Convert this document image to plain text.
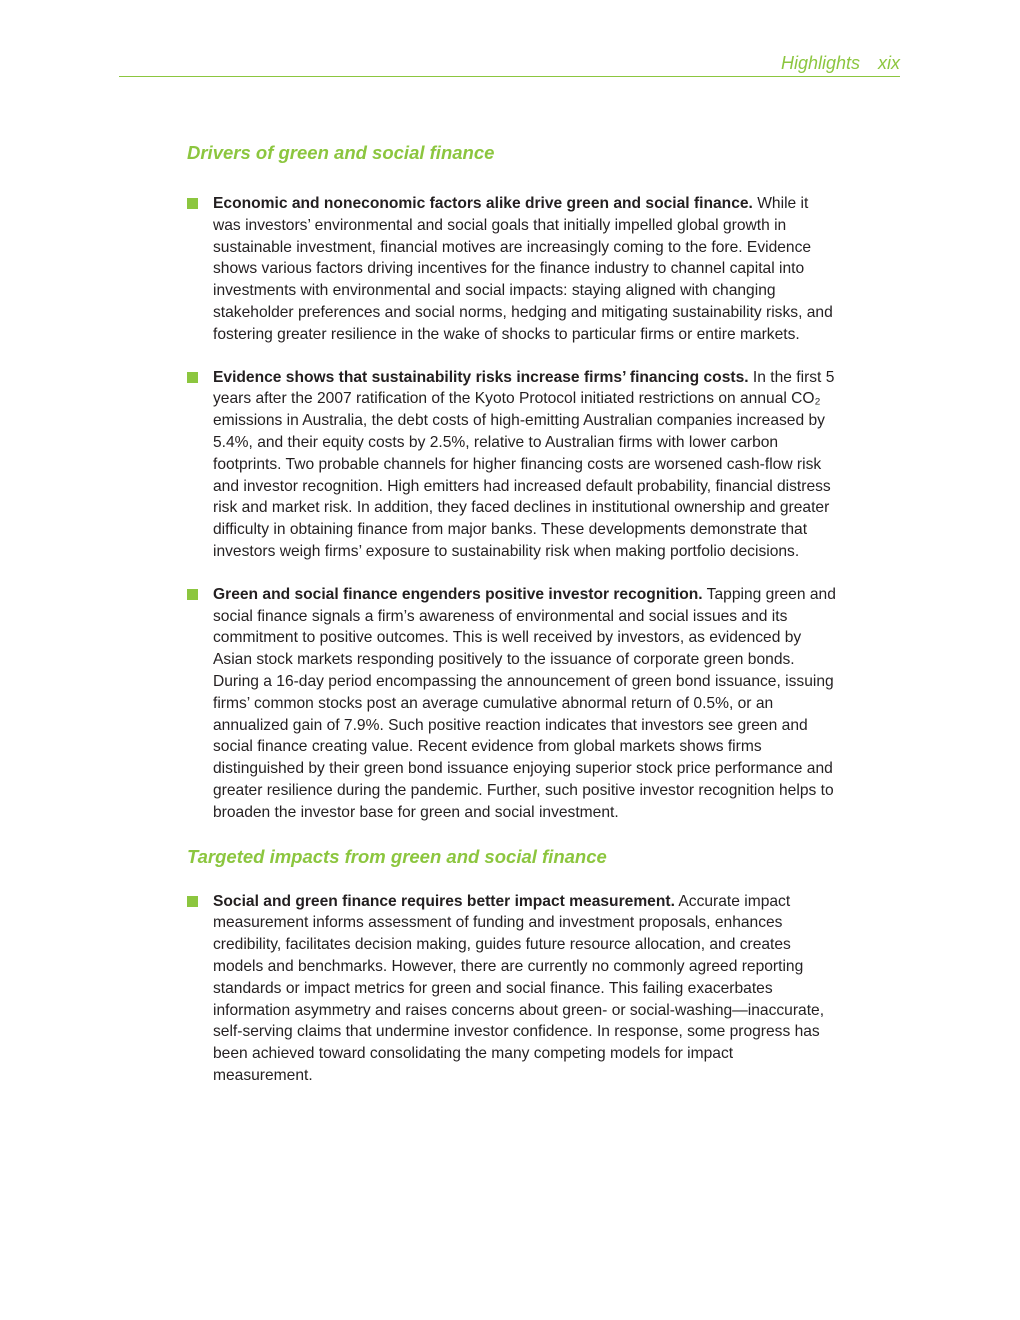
Highlights xix
Drivers of green and social finance
Economic and noneconomic factors alike drive green and social finance. While it was investors’ environmental and social goals that initially impelled global growth in sustainable investment, financial motives are increasingly coming to the fore. Evidence shows various factors driving incentives for the finance industry to channel capital into investments with environmental and social impacts: staying aligned with changing stakeholder preferences and social norms, hedging and mitigating sustainability risks, and fostering greater resilience in the wake of shocks to particular firms or entire markets.
Evidence shows that sustainability risks increase firms’ financing costs. In the first 5 years after the 2007 ratification of the Kyoto Protocol initiated restrictions on annual CO₂ emissions in Australia, the debt costs of high-emitting Australian companies increased by 5.4%, and their equity costs by 2.5%, relative to Australian firms with lower carbon footprints. Two probable channels for higher financing costs are worsened cash-flow risk and investor recognition. High emitters had increased default probability, financial distress risk and market risk. In addition, they faced declines in institutional ownership and greater difficulty in obtaining finance from major banks. These developments demonstrate that investors weigh firms’ exposure to sustainability risk when making portfolio decisions.
Green and social finance engenders positive investor recognition. Tapping green and social finance signals a firm’s awareness of environmental and social issues and its commitment to positive outcomes. This is well received by investors, as evidenced by Asian stock markets responding positively to the issuance of corporate green bonds. During a 16-day period encompassing the announcement of green bond issuance, issuing firms’ common stocks post an average cumulative abnormal return of 0.5%, or an annualized gain of 7.9%. Such positive reaction indicates that investors see green and social finance creating value. Recent evidence from global markets shows firms distinguished by their green bond issuance enjoying superior stock price performance and greater resilience during the pandemic. Further, such positive investor recognition helps to broaden the investor base for green and social investment.
Targeted impacts from green and social finance
Social and green finance requires better impact measurement. Accurate impact measurement informs assessment of funding and investment proposals, enhances credibility, facilitates decision making, guides future resource allocation, and creates models and benchmarks. However, there are currently no commonly agreed reporting standards or impact metrics for green and social finance. This failing exacerbates information asymmetry and raises concerns about green- or social-washing—inaccurate, self-serving claims that undermine investor confidence. In response, some progress has been achieved toward consolidating the many competing models for impact measurement.
